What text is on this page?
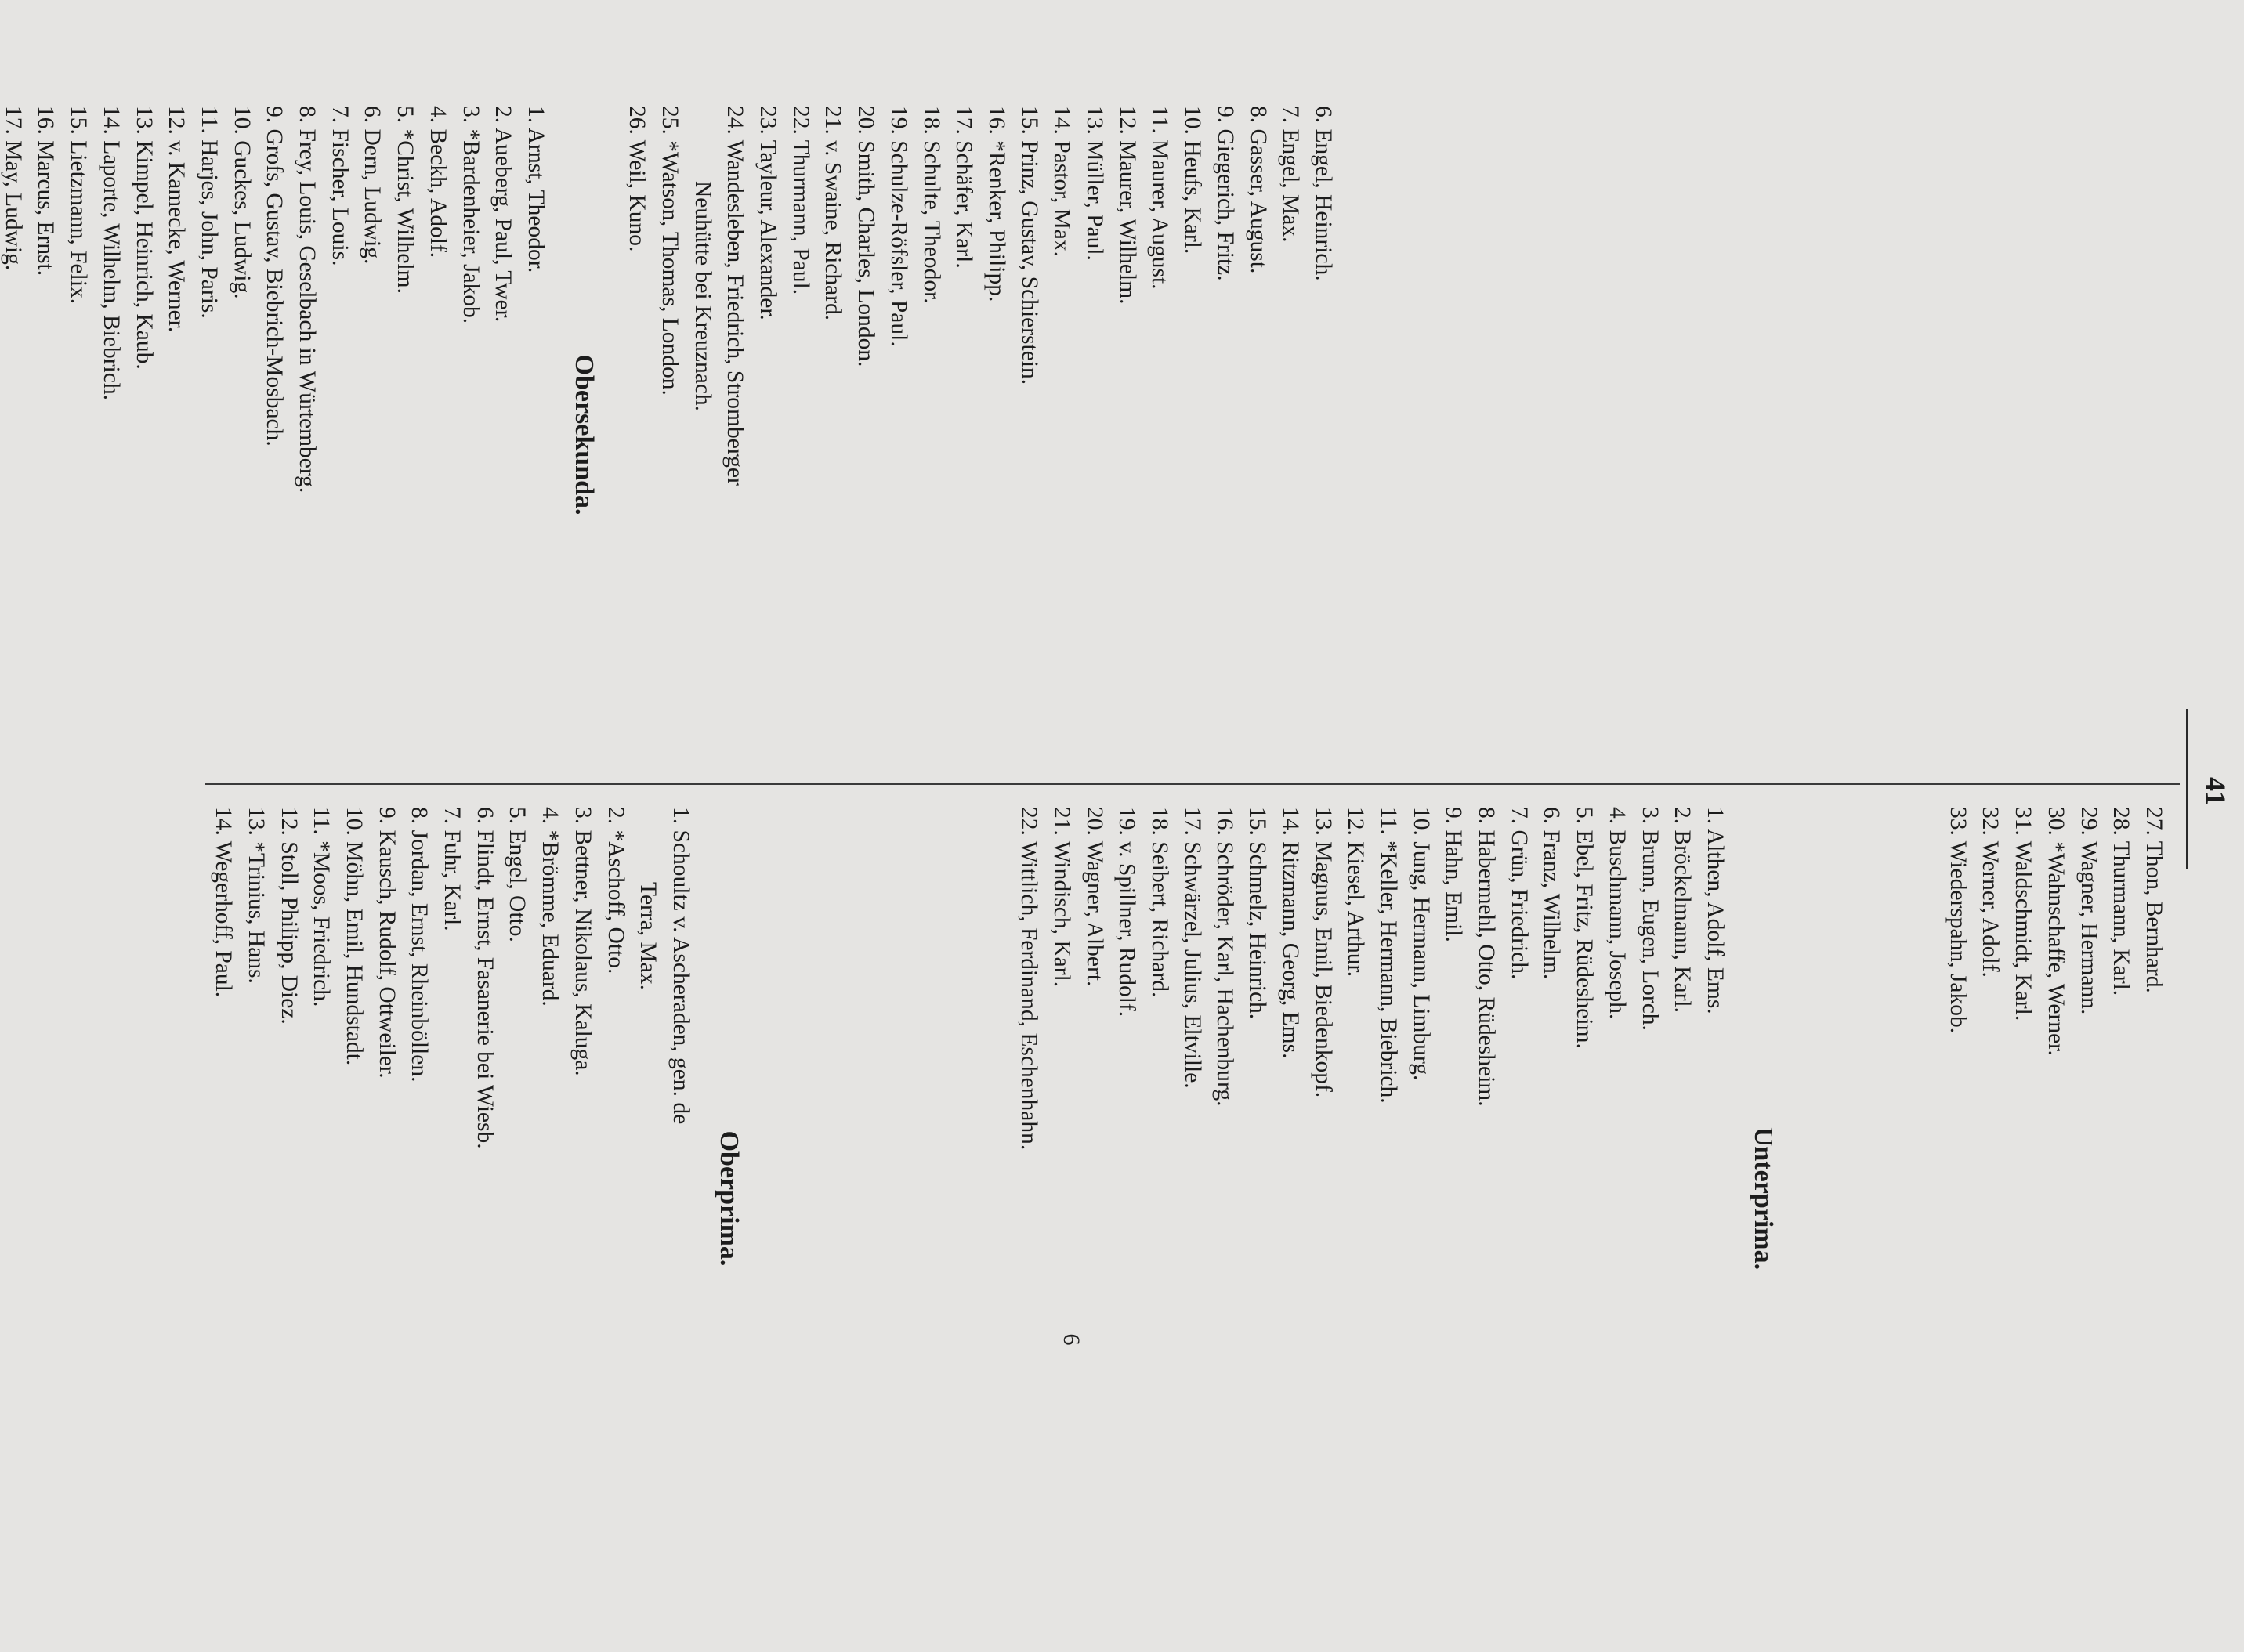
41
6. Engel, Heinrich.
7. Engel, Max.
8. Gasser, August.
9. Giegerich, Fritz.
10. Heufs, Karl.
11. Maurer, August.
12. Maurer, Wilhelm.
13. Müller, Paul.
14. Pastor, Max.
15. Prinz, Gustav, Schierstein.
16. *Renker, Philipp.
17. Schäfer, Karl.
18. Schulte, Theodor.
19. Schulze-Röfsler, Paul.
20. Smith, Charles, London.
21. v. Swaine, Richard.
22. Thurmann, Paul.
23. Tayleur, Alexander.
24. Wandesleben, Friedrich, Stromberger
Neuhütte bei Kreuznach.
25. *Watson, Thomas, London.
26. Weil, Kuno.
Obersekunda.
1. Arnst, Theodor.
2. Aueberg, Paul, Twer.
3. *Bardenheier, Jakob.
4. Beckh, Adolf.
5. *Christ, Wilhelm.
6. Dern, Ludwig.
7. Fischer, Louis.
8. Frey, Louis, Geselbach in Würtemberg.
9. Grofs, Gustav, Biebrich-Mosbach.
10. Guckes, Ludwig.
11. Harjes, John, Paris.
12. v. Kamecke, Werner.
13. Kimpel, Heinrich, Kaub.
14. Laporte, Wilhelm, Biebrich.
15. Lietzmann, Felix.
16. Marcus, Ernst.
17. May, Ludwig.
27. Thon, Bernhard.
28. Thurmann, Karl.
29. Wagner, Hermann.
30. *Wahnschaffe, Werner.
31. Waldschmidt, Karl.
32. Werner, Adolf.
33. Wiederspahn, Jakob.
Unterprima.
1. Althen, Adolf, Ems.
2. Bröckelmann, Karl.
3. Brunn, Eugen, Lorch.
4. Buschmann, Joseph.
5. Ebel, Fritz, Rüdesheim.
6. Franz, Wilhelm.
7. Grün, Friedrich.
8. Habermehl, Otto, Rüdesheim.
9. Hahn, Emil.
10. Jung, Hermann, Limburg.
11. *Keller, Hermann, Biebrich.
12. Kiesel, Arthur.
13. Magnus, Emil, Biedenkopf.
14. Ritzmann, Georg, Ems.
15. Schmelz, Heinrich.
16. Schröder, Karl, Hachenburg.
17. Schwärzel, Julius, Eltville.
18. Seibert, Richard.
19. v. Spillner, Rudolf.
20. Wagner, Albert.
21. Windisch, Karl.
22. Wittlich, Ferdinand, Eschenhahn.
Oberprima.
1. Schoultz v. Ascheraden, gen. de
Terra, Max.
2. *Aschoff, Otto.
3. Bettner, Nikolaus, Kaluga.
4. *Brömme, Eduard.
5. Engel, Otto.
6. Flindt, Ernst, Fasanerie bei Wiesb.
7. Fuhr, Karl.
8. Jordan, Ernst, Rheinböllen.
9. Kausch, Rudolf, Ottweiler.
10. Möhn, Emil, Hundstadt.
11. *Moos, Friedrich.
12. Stoll, Philipp, Diez.
13. *Trinius, Hans.
14. Wegerhoff, Paul.
6
